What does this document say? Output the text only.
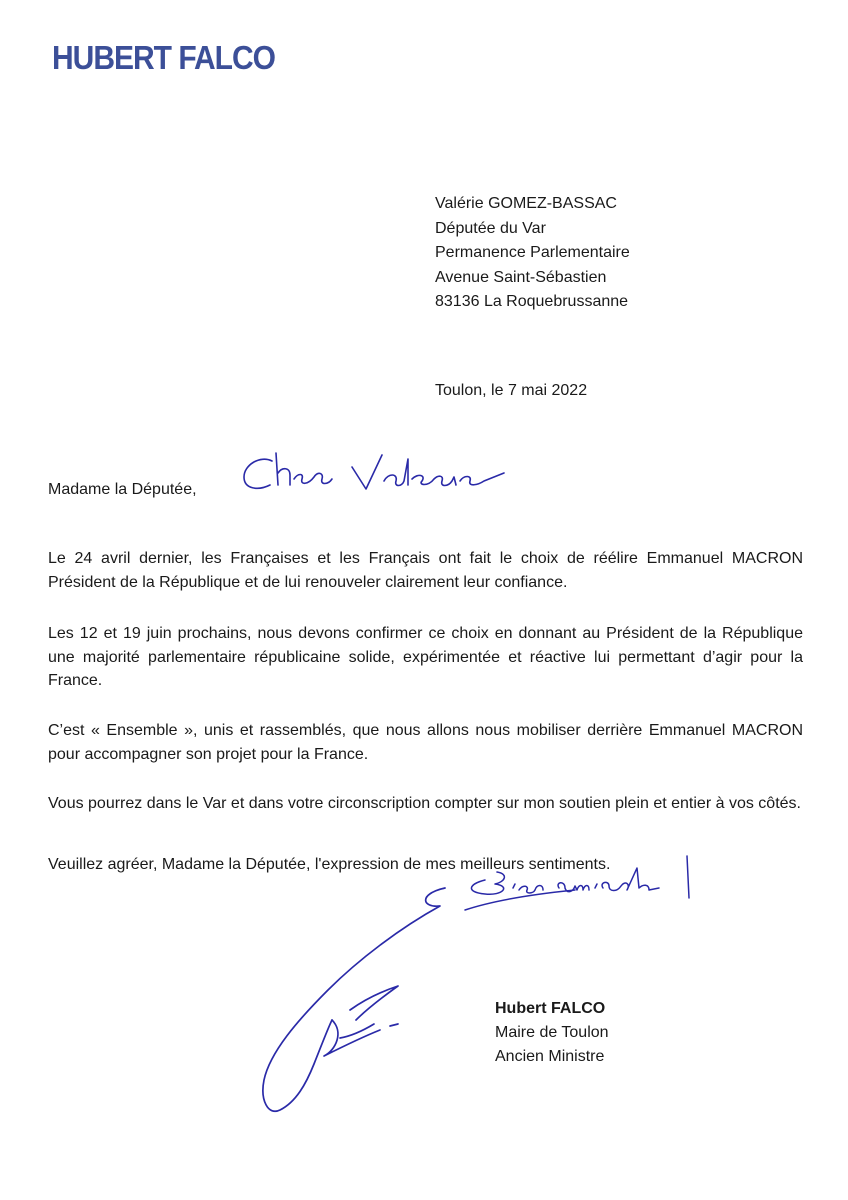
HUBERT FALCO
Valérie GOMEZ-BASSAC
Députée du Var
Permanence Parlementaire
Avenue Saint-Sébastien
83136 La Roquebrussanne
Toulon, le 7 mai 2022
Madame la Députée,

Le 24 avril dernier, les Françaises et les Français ont fait le choix de réélire Emmanuel MACRON Président de la République et de lui renouveler clairement leur confiance.

Les 12 et 19 juin prochains, nous devons confirmer ce choix en donnant au Président de la République une majorité parlementaire républicaine solide, expérimentée et réactive lui permettant d’agir pour la France.

C’est « Ensemble », unis et rassemblés, que nous allons nous mobiliser derrière Emmanuel MACRON pour accompagner son projet pour la France.

Vous pourrez dans le Var et dans votre circonscription compter sur mon soutien plein et entier à vos côtés.

Veuillez agréer, Madame la Députée, l'expression de mes meilleurs sentiments.
Hubert FALCO
Maire de Toulon
Ancien Ministre
